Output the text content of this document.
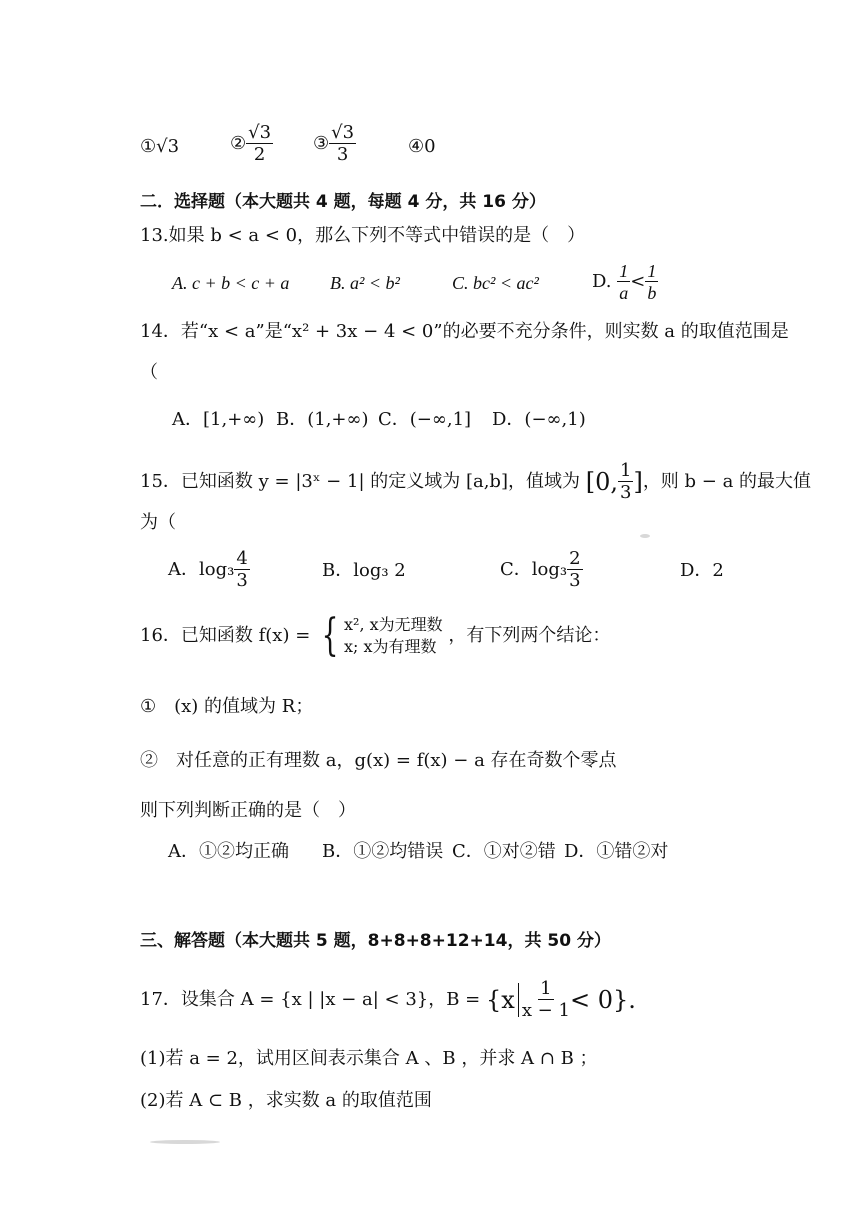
①√3	② $\frac{√3}{2}$ ③ $\frac{√3}{3}$	④0
二．选择题（本大题共 4 题，每题 4 分，共 16 分）
13.如果 b < a < 0，那么下列不等式中错误的是（　）
A. c + b < c + a B. a² < b²	C. bc² < ac²	D. $\frac{1}{a} < \frac{1}{b}$
14．若“x < a”是“x² + 3x − 4 < 0”的必要不充分条件，则实数 a 的取值范围是
（
A．[1,+∞) B．(1,+∞) C．(−∞,1] D．(−∞,1)
15．已知函数 y = |3ˣ − 1| 的定义域为 [a,b]，值域为 [0, $\frac{1}{3}$ ]，则 b − a 的最大值
为（
A．$\log_3 \frac{4}{3}$	B．log₃ 2	C．$\log_3 \frac{2}{3}$	D．2
16．已知函数 f(x) = { x², x为无理数
x; x为有理数
，有下列两个结论：
①　(x) 的值域为 R；
②　对任意的正有理数 a，g(x) = f(x) − a 存在奇数个零点
则下列判断正确的是（　）
A．①②均正确 B．①②均错误 C．①对②错 D．①错②对
三、解答题（本大题共 5 题，8+8+8+12+14，共 50 分）
17．设集合 A = {x | |x − a| < 3}，$B = \{x \frac{1}{x - 1} < 0\}$.
(1)若 a = 2，试用区间表示集合 A 、B ，并求 A ∩ B ；
(2)若 A ⊂ B ，求实数 a 的取值范围
